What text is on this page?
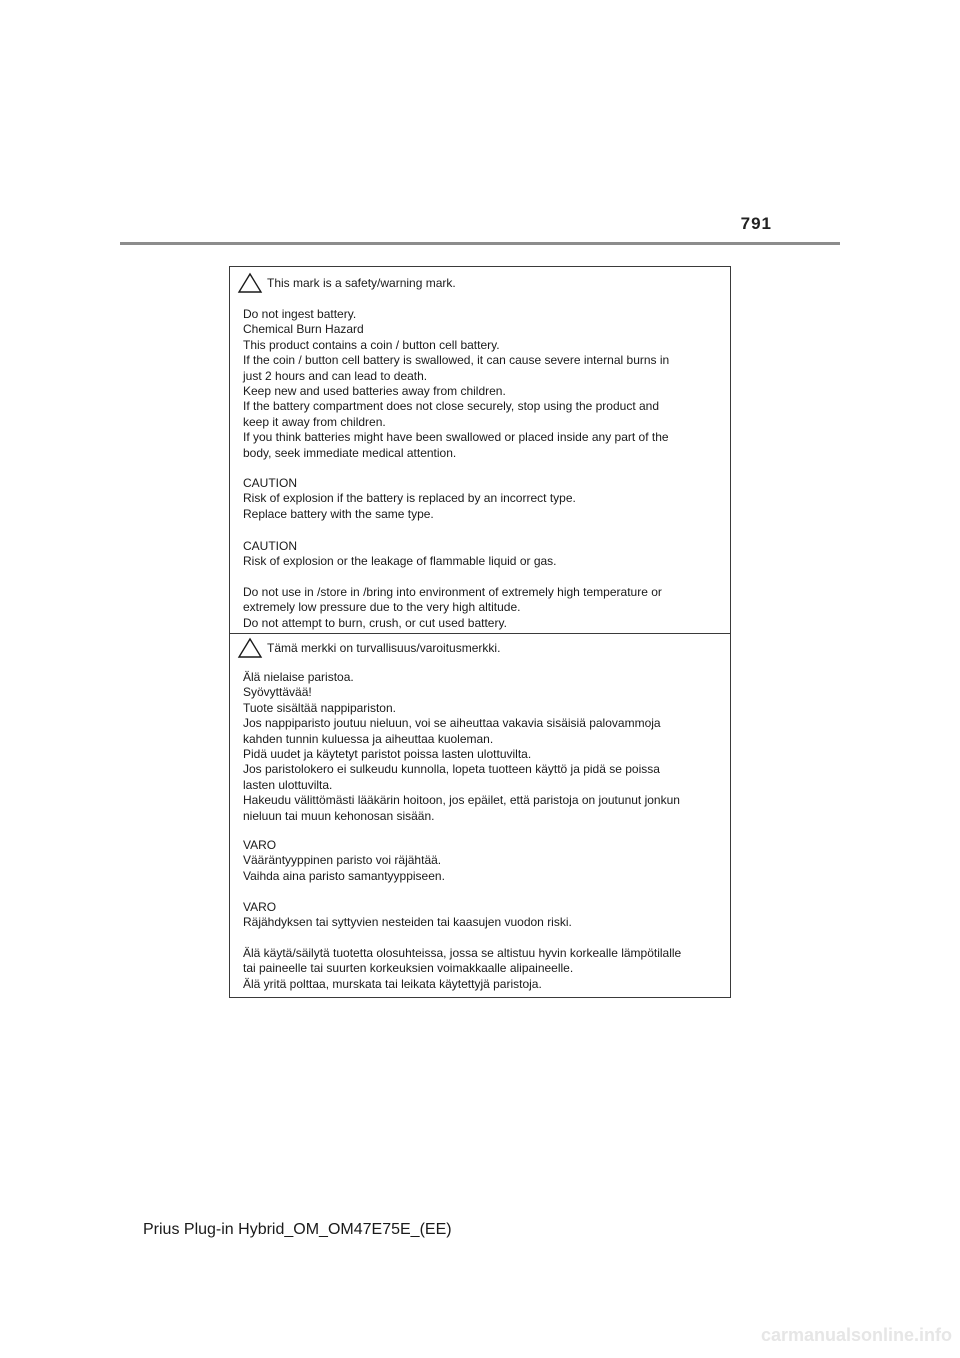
791
This mark is a safety/warning mark.
Do not ingest battery.
Chemical Burn Hazard
This product contains a coin / button cell battery.
If the coin / button cell battery is swallowed, it can cause severe internal burns in
just 2 hours and can lead to death.
Keep new and used batteries away from children.
If the battery compartment does not close securely, stop using the product and
keep it away from children.
If you think batteries might have been swallowed or placed inside any part of the
body, seek immediate medical attention.
CAUTION
Risk of explosion if the battery is replaced by an incorrect type.
Replace battery with the same type.
CAUTION
Risk of explosion or the leakage of flammable liquid or gas.
Do not use in /store in /bring into environment of extremely high temperature or
extremely low pressure due to the very high altitude.
Do not attempt to burn, crush, or cut used battery.
Tämä merkki on turvallisuus/varoitusmerkki.
Älä nielaise paristoa.
Syövyttävää!
Tuote sisältää nappipariston.
Jos nappiparisto joutuu nieluun, voi se aiheuttaa vakavia sisäisiä palovammoja
kahden tunnin kuluessa ja aiheuttaa kuoleman.
Pidä uudet ja käytetyt paristot poissa lasten ulottuvilta.
Jos paristolokero ei sulkeudu kunnolla, lopeta tuotteen käyttö ja pidä se poissa
lasten ulottuvilta.
Hakeudu välittömästi lääkärin hoitoon, jos epäilet, että paristoja on joutunut jonkun
nieluun tai muun kehonosan sisään.
VARO
Vääräntyyppinen paristo voi räjähtää.
Vaihda aina paristo samantyyppiseen.
VARO
Räjähdyksen tai syttyvien nesteiden tai kaasujen vuodon riski.
Älä käytä/säilytä tuotetta olosuhteissa, jossa se altistuu hyvin korkealle lämpötilalle
tai paineelle tai suurten korkeuksien voimakkaalle alipaineelle.
Älä yritä polttaa, murskata tai leikata käytettyjä paristoja.
Prius Plug-in Hybrid_OM_OM47E75E_(EE)
carmanualsonline.info
